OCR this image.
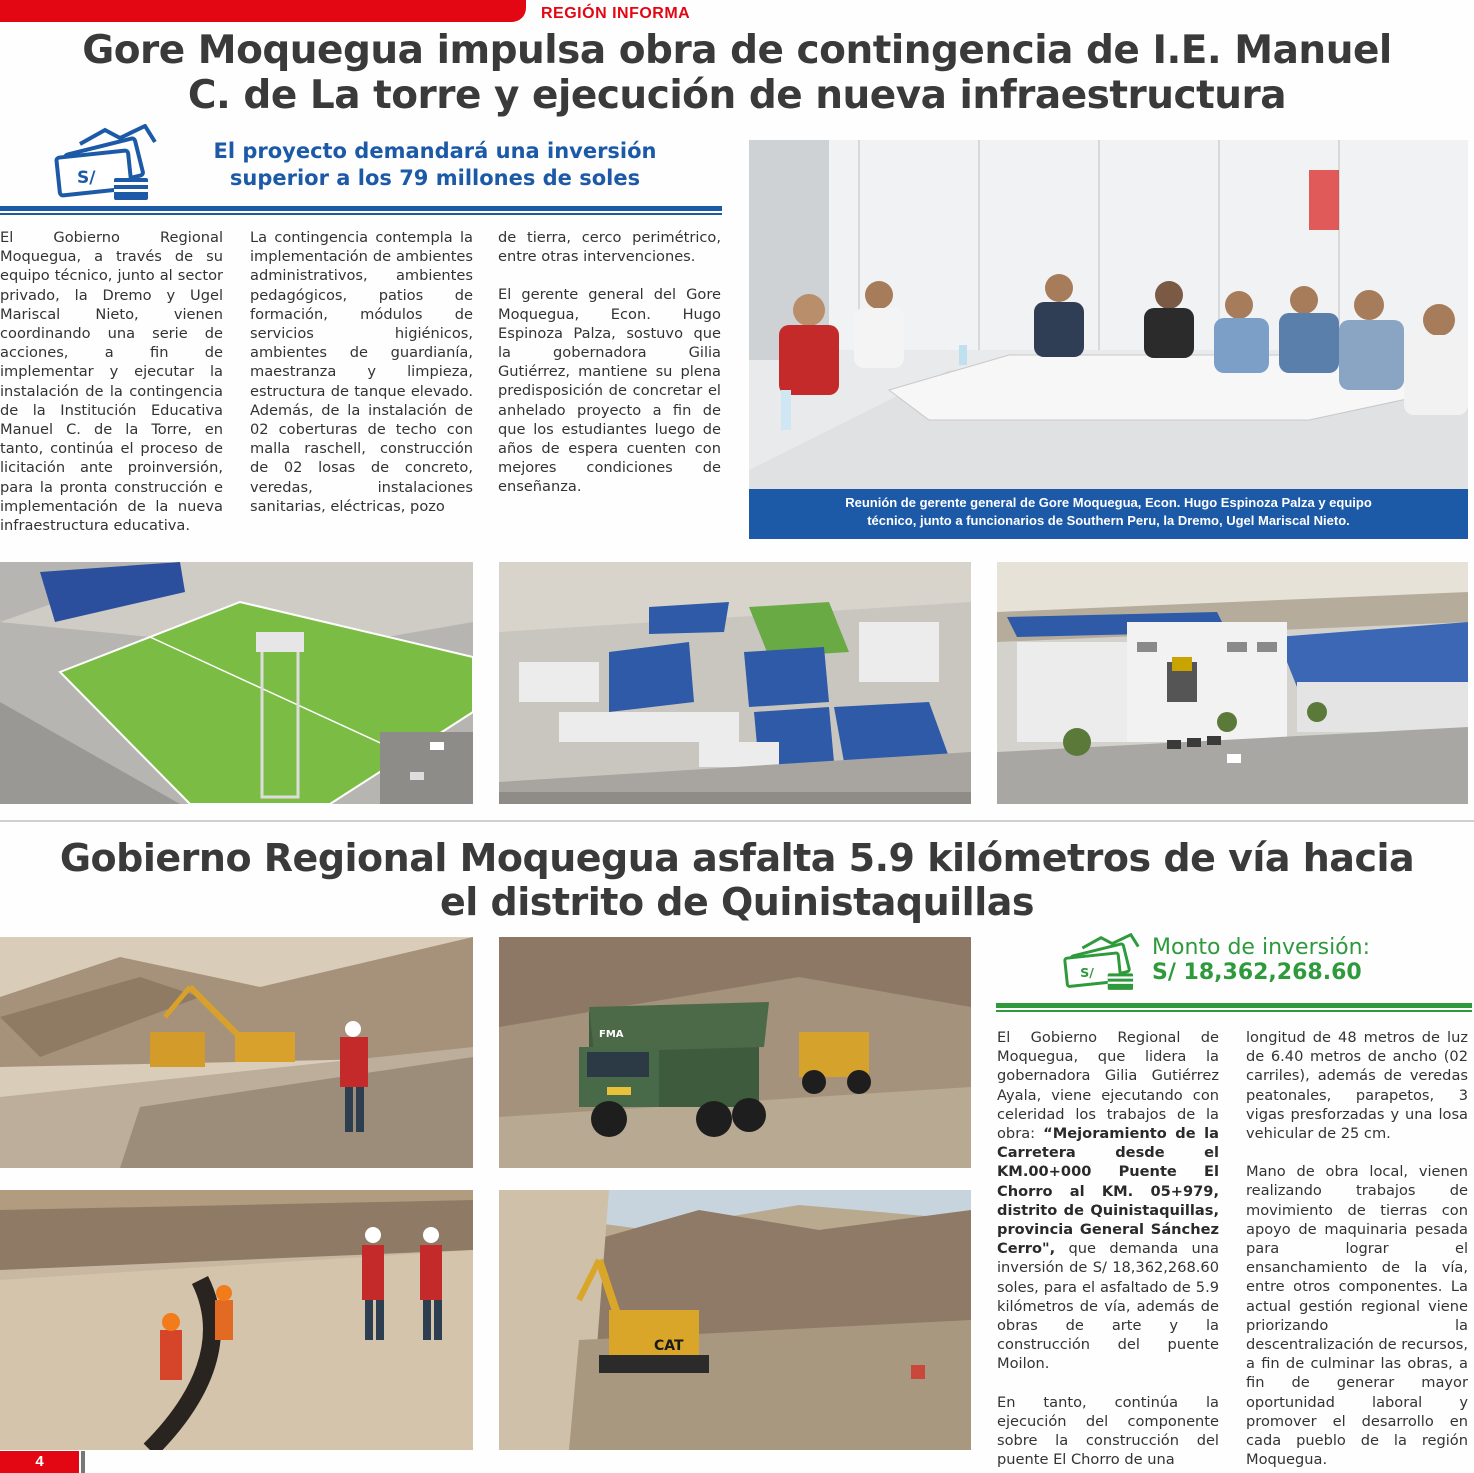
REGIÓN INFORMA
Gore Moquegua impulsa obra de contingencia de I.E. Manuel
C. de La torre y ejecución de nueva infraestructura
S/
El proyecto demandará una inversión
superior a los 79 millones de soles

El Gobierno Regional Moquegua, a través de su equipo técnico, junto al sector privado, la Dremo y Ugel Mariscal Nieto, vienen coordinando una serie de acciones, a fin de implementar y ejecutar la instalación de la contingencia de la Institución Educativa Manuel C. de la Torre, en tanto, continúa el proceso de licitación ante proinversión, para la pronta construcción e implementación de la nueva infraestructura educativa.

La contingencia contempla la implementación de ambientes administrativos, ambientes pedagógicos, patios de formación, módulos de servicios higiénicos, ambientes de guardianía, maestranza y limpieza, estructura de tanque elevado. Además, de la instalación de 02 coberturas de techo con malla raschell, construcción de 02 losas de concreto, veredas, instalaciones sanitarias, eléctricas, pozo

de tierra, cerco perimétrico, entre otras intervenciones.

El gerente general del Gore Moquegua, Econ. Hugo Espinoza Palza, sostuvo que la gobernadora Gilia Gutiérrez, mantiene su plena predisposición de concretar el anhelado proyecto a fin de que los estudiantes luego de años de espera cuenten con mejores condiciones de enseñanza.

Reunión de gerente general de Gore Moquegua, Econ. Hugo Espinoza Palza y equipo
técnico, junto a funcionarios de Southern Peru, la Dremo, Ugel Mariscal Nieto.
Gobierno Regional Moquegua asfalta 5.9 kilómetros de vía hacia
el distrito de Quinistaquillas
FMA
CAT
S/
Monto de inversión:
S/ 18,362,268.60

El Gobierno Regional de Moquegua, que lidera la gobernadora Gilia Gutiérrez Ayala, viene ejecutando con celeridad los trabajos de la obra: “Mejoramiento de la Carretera desde el KM.00+000 Puente El Chorro al KM. 05+979, distrito de Quinistaquillas, provincia General Sánchez Cerro", que demanda una inversión de S/ 18,362,268.60 soles, para el asfaltado de 5.9 kilómetros de vía, además de obras de arte y la construcción del puente Moilon.

En tanto, continúa la ejecución del componente sobre la construcción del puente El Chorro de una

longitud de 48 metros de luz de 6.40 metros de ancho (02 carriles), además de veredas peatonales, parapetos, 3 vigas presforzadas y una losa vehicular de 25 cm.

Mano de obra local, vienen realizando trabajos de movimiento de tierras con apoyo de maquinaria pesada para lograr el ensanchamiento de la vía, entre otros componentes. La actual gestión regional viene priorizando la descentralización de recursos, a fin de culminar las obras, a fin de generar mayor oportunidad laboral y promover el desarrollo en cada pueblo de la región Moquegua.

4
